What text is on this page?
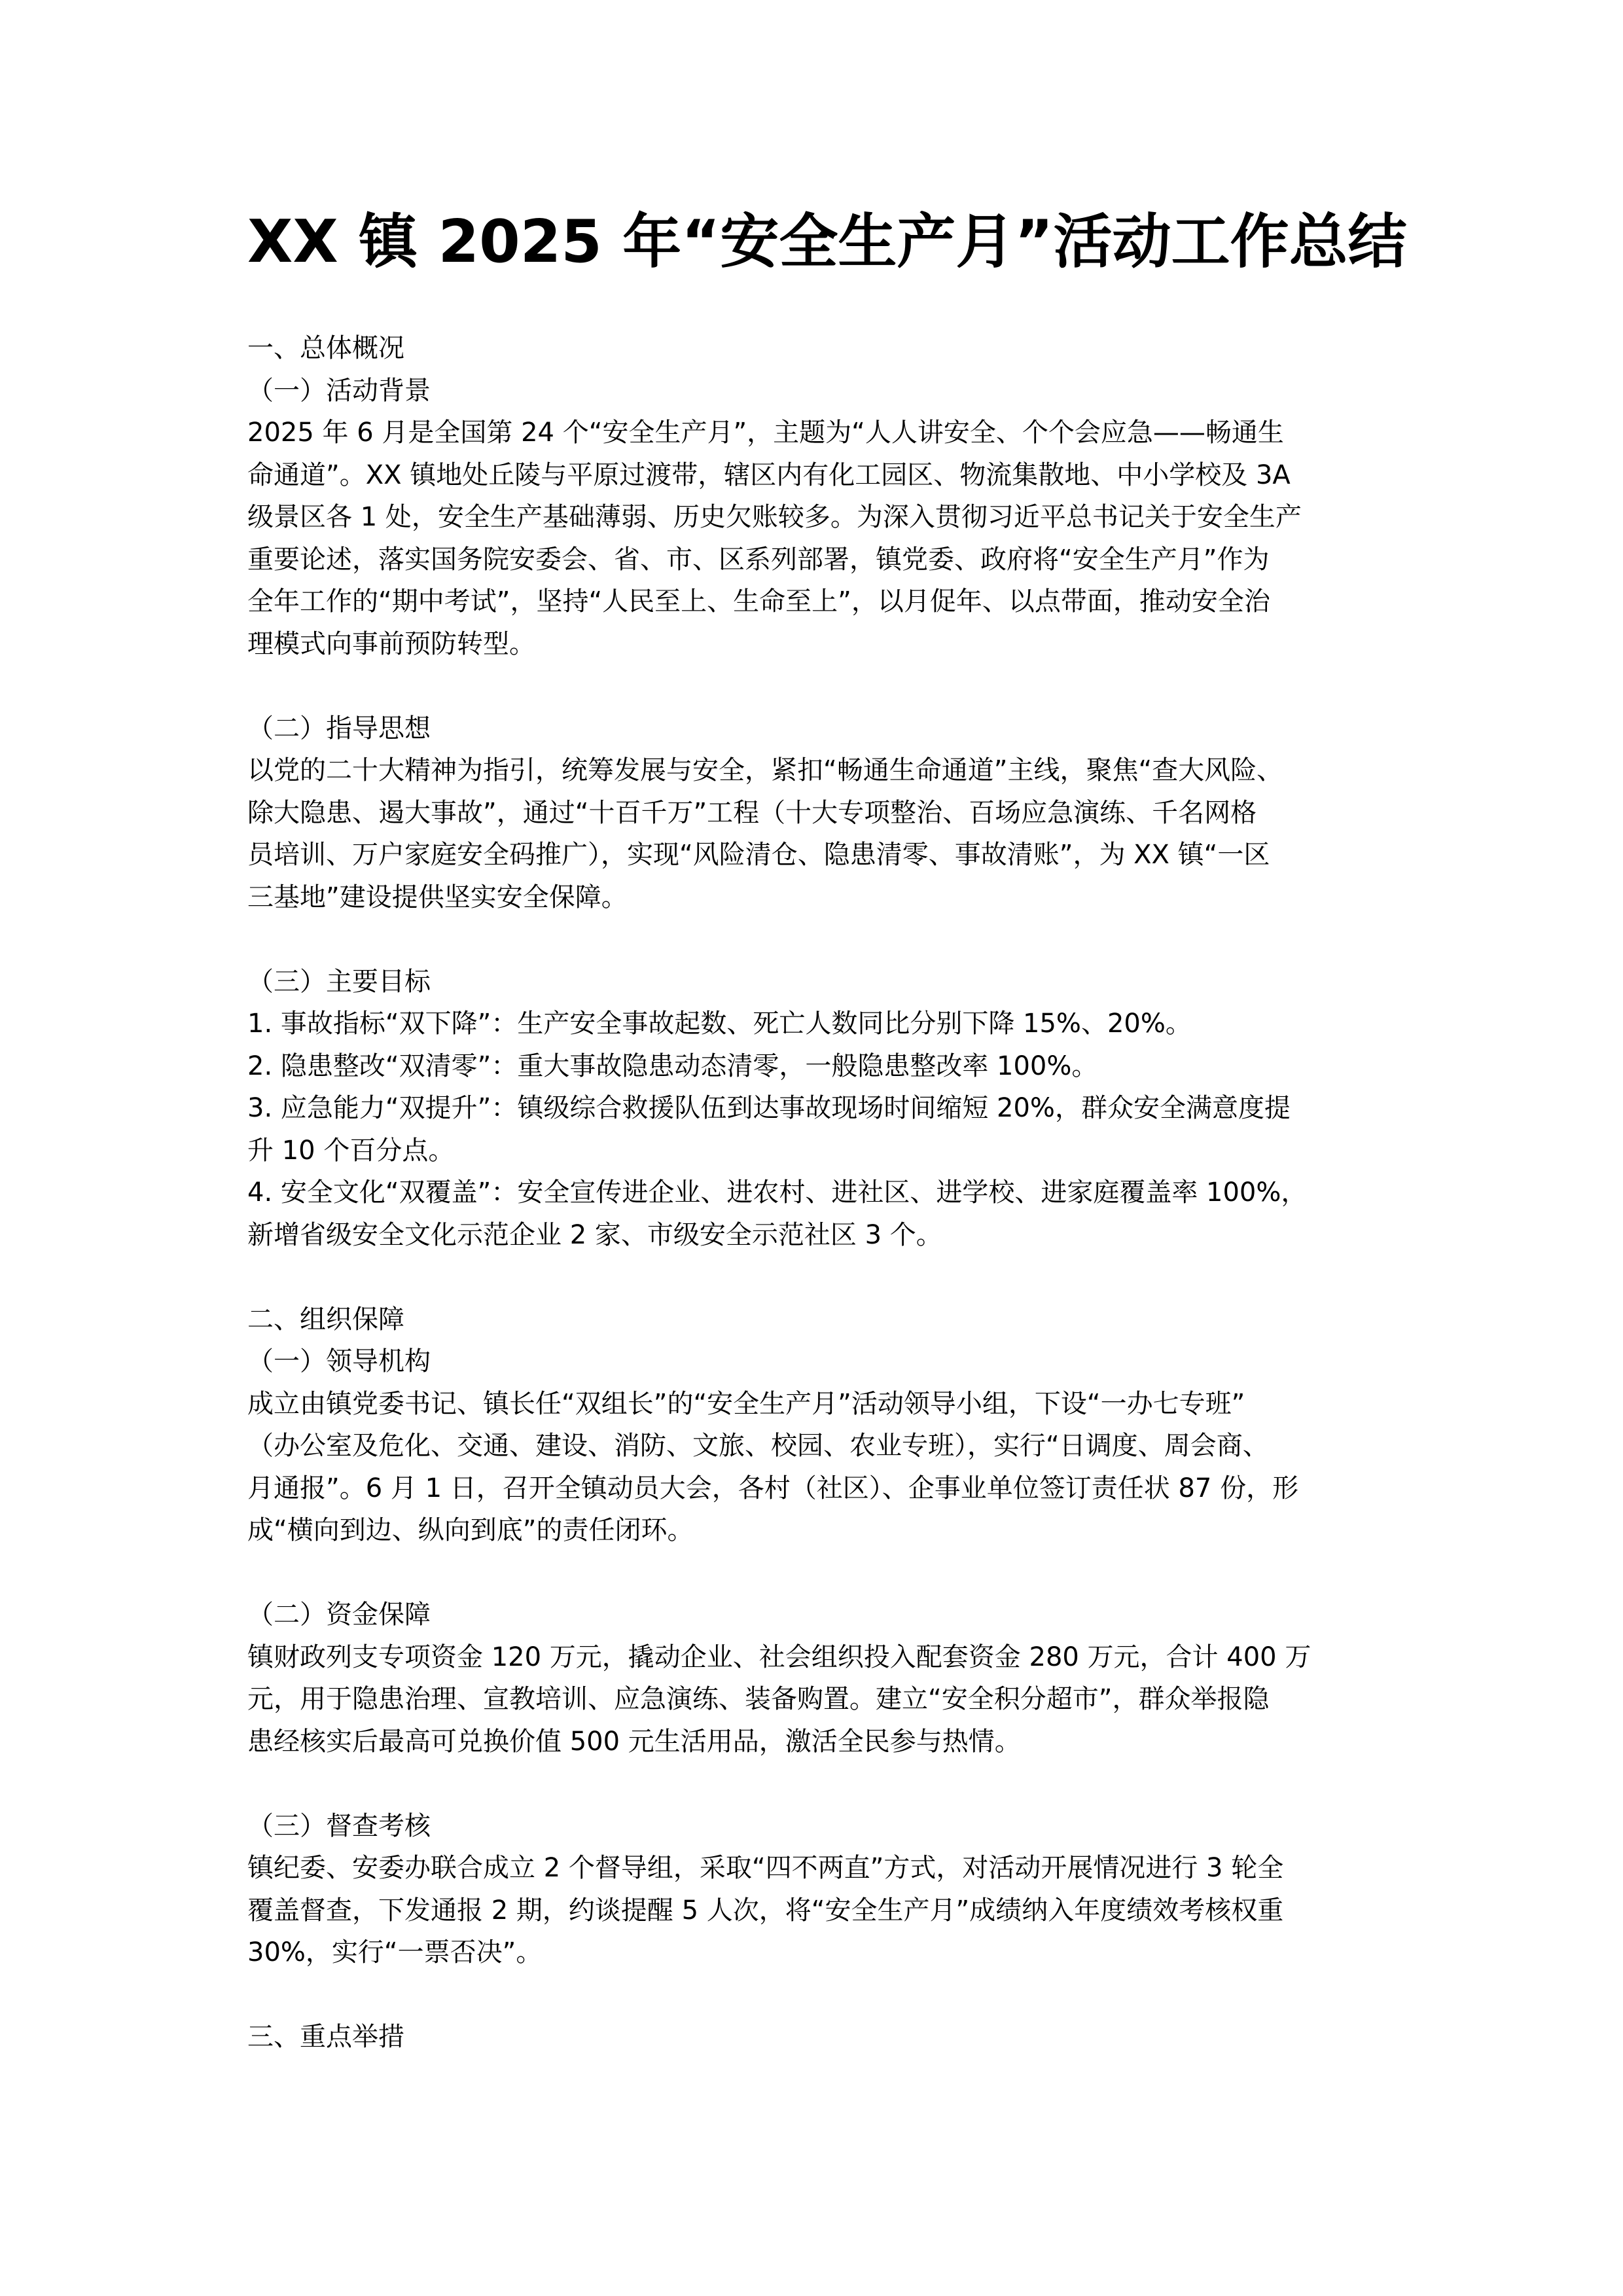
XX 镇 2025 年“安全生产月”活动工作总结
一、总体概况
（一）活动背景
2025 年 6 月是全国第 24 个“安全生产月”，主题为“人人讲安全、个个会应急——畅通生
命通道”。XX 镇地处丘陵与平原过渡带，辖区内有化工园区、物流集散地、中小学校及 3A
级景区各 1 处，安全生产基础薄弱、历史欠账较多。为深入贯彻习近平总书记关于安全生产
重要论述，落实国务院安委会、省、市、区系列部署，镇党委、政府将“安全生产月”作为
全年工作的“期中考试”，坚持“人民至上、生命至上”，以月促年、以点带面，推动安全治
理模式向事前预防转型。
（二）指导思想
以党的二十大精神为指引，统筹发展与安全，紧扣“畅通生命通道”主线，聚焦“查大风险、
除大隐患、遏大事故”，通过“十百千万”工程（十大专项整治、百场应急演练、千名网格
员培训、万户家庭安全码推广），实现“风险清仓、隐患清零、事故清账”，为 XX 镇“一区
三基地”建设提供坚实安全保障。
（三）主要目标
1. 事故指标“双下降”：生产安全事故起数、死亡人数同比分别下降 15%、20%。
2. 隐患整改“双清零”：重大事故隐患动态清零，一般隐患整改率 100%。
3. 应急能力“双提升”：镇级综合救援队伍到达事故现场时间缩短 20%，群众安全满意度提
升 10 个百分点。
4. 安全文化“双覆盖”：安全宣传进企业、进农村、进社区、进学校、进家庭覆盖率 100%，
新增省级安全文化示范企业 2 家、市级安全示范社区 3 个。
二、组织保障
（一）领导机构
成立由镇党委书记、镇长任“双组长”的“安全生产月”活动领导小组，下设“一办七专班”
（办公室及危化、交通、建设、消防、文旅、校园、农业专班），实行“日调度、周会商、
月通报”。6 月 1 日，召开全镇动员大会，各村（社区）、企事业单位签订责任状 87 份，形
成“横向到边、纵向到底”的责任闭环。
（二）资金保障
镇财政列支专项资金 120 万元，撬动企业、社会组织投入配套资金 280 万元，合计 400 万
元，用于隐患治理、宣教培训、应急演练、装备购置。建立“安全积分超市”，群众举报隐
患经核实后最高可兑换价值 500 元生活用品，激活全民参与热情。
（三）督查考核
镇纪委、安委办联合成立 2 个督导组，采取“四不两直”方式，对活动开展情况进行 3 轮全
覆盖督查，下发通报 2 期，约谈提醒 5 人次，将“安全生产月”成绩纳入年度绩效考核权重
30%，实行“一票否决”。
三、重点举措
